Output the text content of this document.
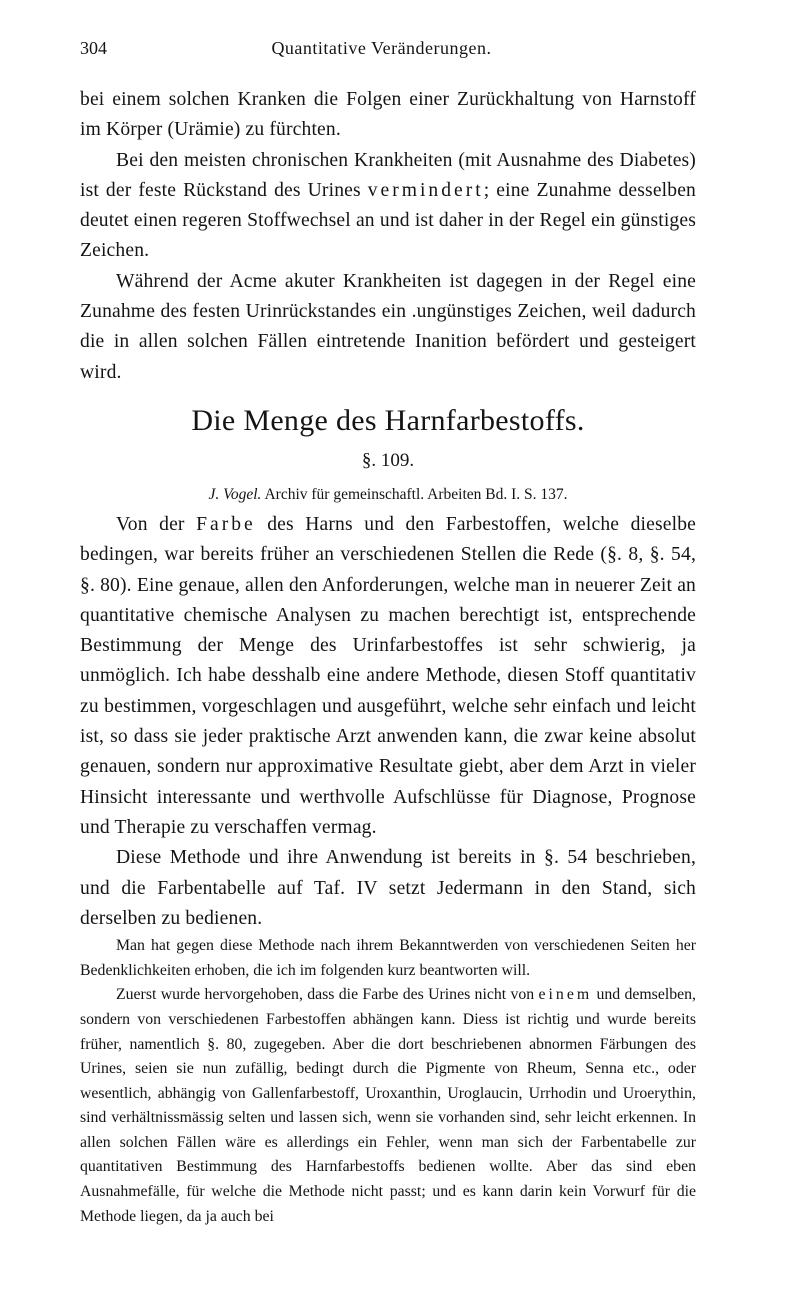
304	Quantitative Veränderungen.

bei einem solchen Kranken die Folgen einer Zurückhaltung von Harnstoff im Körper (Urämie) zu fürchten.

Bei den meisten chronischen Krankheiten (mit Ausnahme des Diabetes) ist der feste Rückstand des Urines vermindert; eine Zunahme desselben deutet einen regeren Stoffwechsel an und ist daher in der Regel ein günstiges Zeichen.

Während der Acme akuter Krankheiten ist dagegen in der Regel eine Zunahme des festen Urinrückstandes ein .ungünstiges Zeichen, weil dadurch die in allen solchen Fällen eintretende Inanition befördert und gesteigert wird.

Die Menge des Harnfarbestoffs.
§. 109.
J. Vogel. Archiv für gemeinschaftl. Arbeiten Bd. I. S. 137.

Von der Farbe des Harns und den Farbestoffen, welche dieselbe bedingen, war bereits früher an verschiedenen Stellen die Rede (§. 8, §. 54, §. 80). Eine genaue, allen den Anforderungen, welche man in neuerer Zeit an quantitative chemische Analysen zu machen berechtigt ist, entsprechende Bestimmung der Menge des Urinfarbestoffes ist sehr schwierig, ja unmöglich. Ich habe desshalb eine andere Methode, diesen Stoff quantitativ zu bestimmen, vorgeschlagen und ausgeführt, welche sehr einfach und leicht ist, so dass sie jeder praktische Arzt anwenden kann, die zwar keine absolut genauen, sondern nur approximative Resultate giebt, aber dem Arzt in vieler Hinsicht interessante und werthvolle Aufschlüsse für Diagnose, Prognose und Therapie zu verschaffen vermag.

Diese Methode und ihre Anwendung ist bereits in §. 54 beschrieben, und die Farbentabelle auf Taf. IV setzt Jedermann in den Stand, sich derselben zu bedienen.

Man hat gegen diese Methode nach ihrem Bekanntwerden von verschiedenen Seiten her Bedenklichkeiten erhoben, die ich im folgenden kurz beantworten will.

Zuerst wurde hervorgehoben, dass die Farbe des Urines nicht von einem und demselben, sondern von verschiedenen Farbestoffen abhängen kann. Diess ist richtig und wurde bereits früher, namentlich §. 80, zugegeben. Aber die dort beschriebenen abnormen Färbungen des Urines, seien sie nun zufällig, bedingt durch die Pigmente von Rheum, Senna etc., oder wesentlich, abhängig von Gallenfarbestoff, Uroxanthin, Uroglaucin, Urrhodin und Uroerythin, sind verhältnissmässig selten und lassen sich, wenn sie vorhanden sind, sehr leicht erkennen. In allen solchen Fällen wäre es allerdings ein Fehler, wenn man sich der Farbentabelle zur quantitativen Bestimmung des Harnfarbestoffs bedienen wollte. Aber das sind eben Ausnahmefälle, für welche die Methode nicht passt; und es kann darin kein Vorwurf für die Methode liegen, da ja auch bei
